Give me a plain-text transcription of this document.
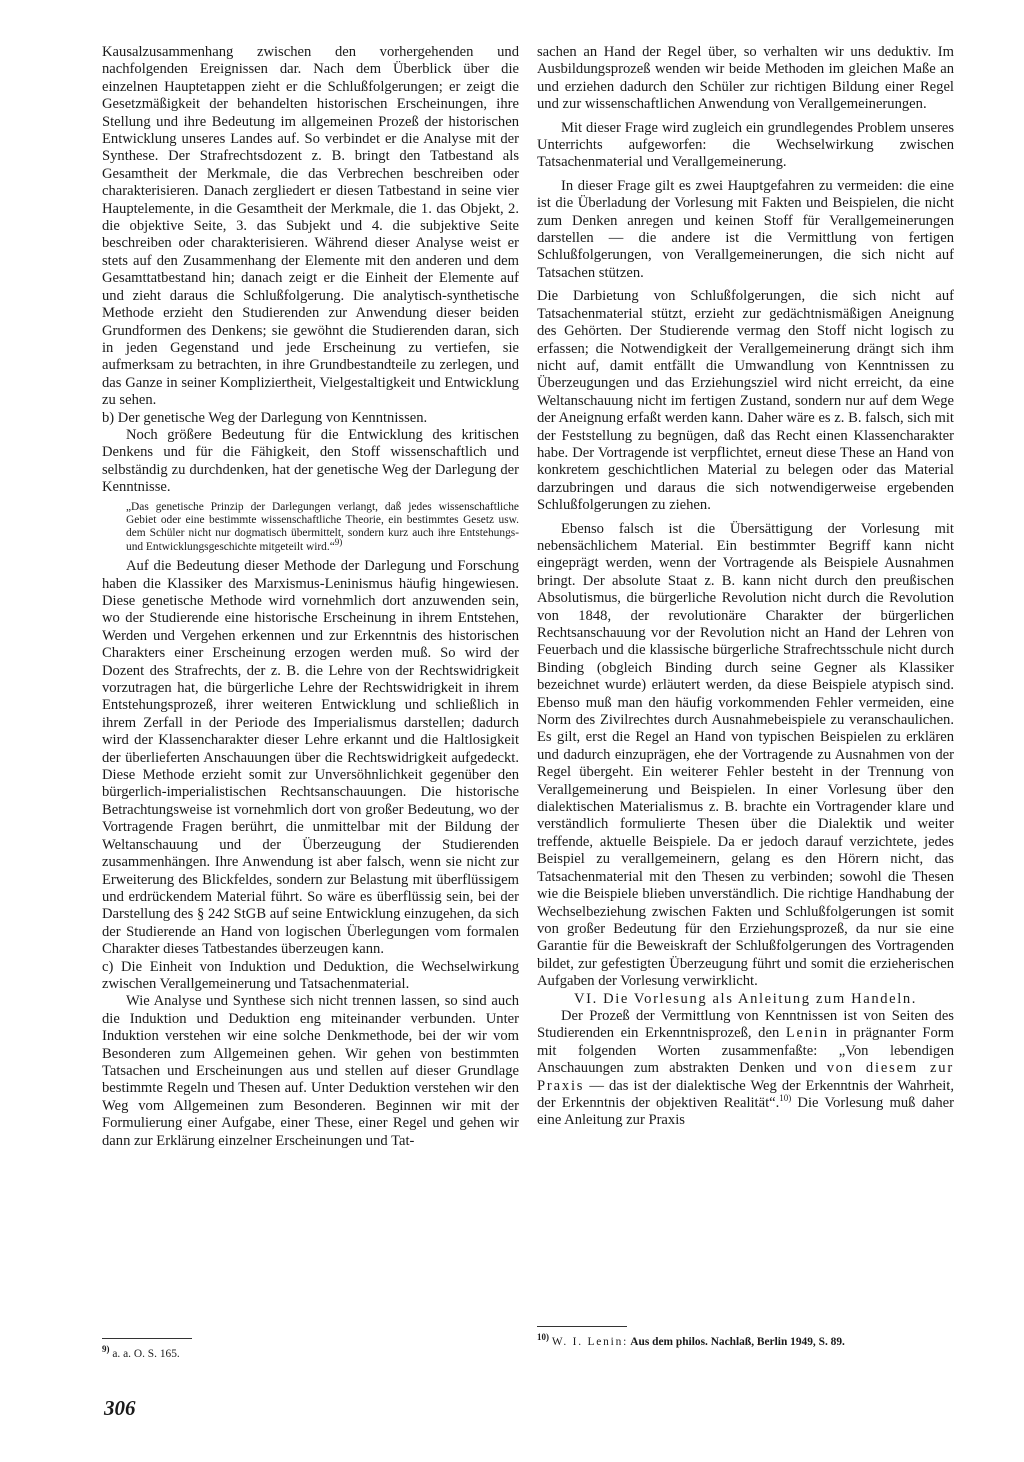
Kausalzusammenhang zwischen den vorhergehenden und nachfolgenden Ereignissen dar. Nach dem Überblick über die einzelnen Hauptetappen zieht er die Schlußfolgerungen; er zeigt die Gesetzmäßigkeit der behandelten historischen Erscheinungen, ihre Stellung und ihre Bedeutung im allgemeinen Prozeß der historischen Entwicklung unseres Landes auf. So verbindet er die Analyse mit der Synthese. Der Strafrechtsdozent z. B. bringt den Tatbestand als Gesamtheit der Merkmale, die das Verbrechen beschreiben oder charakterisieren. Danach zergliedert er diesen Tatbestand in seine vier Hauptelemente, in die Gesamtheit der Merkmale, die 1. das Objekt, 2. die objektive Seite, 3. das Subjekt und 4. die subjektive Seite beschreiben oder charakterisieren. Während dieser Analyse weist er stets auf den Zusammenhang der Elemente mit den anderen und dem Gesamttatbestand hin; danach zeigt er die Einheit der Elemente auf und zieht daraus die Schlußfolgerung. Die analytisch-synthetische Methode erzieht den Studierenden zur Anwendung dieser beiden Grundformen des Denkens; sie gewöhnt die Studierenden daran, sich in jeden Gegenstand und jede Erscheinung zu vertiefen, sie aufmerksam zu betrachten, in ihre Grundbestandteile zu zerlegen, und das Ganze in seiner Kompliziertheit, Vielgestaltigkeit und Entwicklung zu sehen.

b) Der genetische Weg der Darlegung von Kenntnissen.

Noch größere Bedeutung für die Entwicklung des kritischen Denkens und für die Fähigkeit, den Stoff wissenschaftlich und selbständig zu durchdenken, hat der genetische Weg der Darlegung der Kenntnisse.

„Das genetische Prinzip der Darlegungen verlangt, daß jedes wissenschaftliche Gebiet oder eine bestimmte wissenschaftliche Theorie, ein bestimmtes Gesetz usw. dem Schüler nicht nur dogmatisch übermittelt, sondern kurz auch ihre Entstehungs- und Entwicklungsgeschichte mitgeteilt wird.“$^{9)}$

Auf die Bedeutung dieser Methode der Darlegung und Forschung haben die Klassiker des Marxismus-Leninismus häufig hingewiesen. Diese genetische Methode wird vornehmlich dort anzuwenden sein, wo der Studierende eine historische Erscheinung in ihrem Entstehen, Werden und Vergehen erkennen und zur Erkenntnis des historischen Charakters einer Erscheinung erzogen werden muß. So wird der Dozent des Strafrechts, der z. B. die Lehre von der Rechtswidrigkeit vorzutragen hat, die bürgerliche Lehre der Rechtswidrigkeit in ihrem Entstehungsprozeß, ihrer weiteren Entwicklung und schließlich in ihrem Zerfall in der Periode des Imperialismus darstellen; dadurch wird der Klassencharakter dieser Lehre erkannt und die Haltlosigkeit der überlieferten Anschauungen über die Rechtswidrigkeit aufgedeckt. Diese Methode erzieht somit zur Unversöhnlichkeit gegenüber den bürgerlich-imperialistischen Rechtsanschauungen. Die historische Betrachtungsweise ist vornehmlich dort von großer Bedeutung, wo der Vortragende Fragen berührt, die unmittelbar mit der Bildung der Weltanschauung und der Überzeugung der Studierenden zusammenhängen. Ihre Anwendung ist aber falsch, wenn sie nicht zur Erweiterung des Blickfeldes, sondern zur Belastung mit überflüssigem und erdrückendem Material führt. So wäre es überflüssig sein, bei der Darstellung des § 242 StGB auf seine Entwicklung einzugehen, da sich der Studierende an Hand von logischen Überlegungen vom formalen Charakter dieses Tatbestandes überzeugen kann.

c) Die Einheit von Induktion und Deduktion, die Wechselwirkung zwischen Verallgemeinerung und Tatsachenmaterial.

Wie Analyse und Synthese sich nicht trennen lassen, so sind auch die Induktion und Deduktion eng miteinander verbunden. Unter Induktion verstehen wir eine solche Denkmethode, bei der wir vom Besonderen zum Allgemeinen gehen. Wir gehen von bestimmten Tatsachen und Erscheinungen aus und stellen auf dieser Grundlage bestimmte Regeln und Thesen auf. Unter Deduktion verstehen wir den Weg vom Allgemeinen zum Besonderen. Beginnen wir mit der Formulierung einer Aufgabe, einer These, einer Regel und gehen wir dann zur Erklärung einzelner Erscheinungen und Tat-

sachen an Hand der Regel über, so verhalten wir uns deduktiv. Im Ausbildungsprozeß wenden wir beide Methoden im gleichen Maße an und erziehen dadurch den Schüler zur richtigen Bildung einer Regel und zur wissenschaftlichen Anwendung von Verallgemeinerungen.

Mit dieser Frage wird zugleich ein grundlegendes Problem unseres Unterrichts aufgeworfen: die Wechselwirkung zwischen Tatsachenmaterial und Verallgemeinerung.

In dieser Frage gilt es zwei Hauptgefahren zu vermeiden: die eine ist die Überladung der Vorlesung mit Fakten und Beispielen, die nicht zum Denken anregen und keinen Stoff für Verallgemeinerungen darstellen — die andere ist die Vermittlung von fertigen Schlußfolgerungen, von Verallgemeinerungen, die sich nicht auf Tatsachen stützen.

Die Darbietung von Schlußfolgerungen, die sich nicht auf Tatsachenmaterial stützt, erzieht zur gedächtnismäßigen Aneignung des Gehörten. Der Studierende vermag den Stoff nicht logisch zu erfassen; die Notwendigkeit der Verallgemeinerung drängt sich ihm nicht auf, damit entfällt die Umwandlung von Kenntnissen zu Überzeugungen und das Erziehungsziel wird nicht erreicht, da eine Weltanschauung nicht im fertigen Zustand, sondern nur auf dem Wege der Aneignung erfaßt werden kann. Daher wäre es z. B. falsch, sich mit der Feststellung zu begnügen, daß das Recht einen Klassencharakter habe. Der Vortragende ist verpflichtet, erneut diese These an Hand von konkretem geschichtlichen Material zu belegen oder das Material darzubringen und daraus die sich notwendigerweise ergebenden Schlußfolgerungen zu ziehen.

Ebenso falsch ist die Übersättigung der Vorlesung mit nebensächlichem Material. Ein bestimmter Begriff kann nicht eingeprägt werden, wenn der Vortragende als Beispiele Ausnahmen bringt. Der absolute Staat z. B. kann nicht durch den preußischen Absolutismus, die bürgerliche Revolution nicht durch die Revolution von 1848, der revolutionäre Charakter der bürgerlichen Rechtsanschauung vor der Revolution nicht an Hand der Lehren von Feuerbach und die klassische bürgerliche Strafrechtsschule nicht durch Binding (obgleich Binding durch seine Gegner als Klassiker bezeichnet wurde) erläutert werden, da diese Beispiele atypisch sind. Ebenso muß man den häufig vorkommenden Fehler vermeiden, eine Norm des Zivilrechtes durch Ausnahmebeispiele zu veranschaulichen. Es gilt, erst die Regel an Hand von typischen Beispielen zu erklären und dadurch einzuprägen, ehe der Vortragende zu Ausnahmen von der Regel übergeht. Ein weiterer Fehler besteht in der Trennung von Verallgemeinerung und Beispielen. In einer Vorlesung über den dialektischen Materialismus z. B. brachte ein Vortragender klare und verständlich formulierte Thesen über die Dialektik und weiter treffende, aktuelle Beispiele. Da er jedoch darauf verzichtete, jedes Beispiel zu verallgemeinern, gelang es den Hörern nicht, das Tatsachenmaterial mit den Thesen zu verbinden; sowohl die Thesen wie die Beispiele blieben unverständlich. Die richtige Handhabung der Wechselbeziehung zwischen Fakten und Schlußfolgerungen ist somit von großer Bedeutung für den Erziehungsprozeß, da nur sie eine Garantie für die Beweiskraft der Schlußfolgerungen des Vortragenden bildet, zur gefestigten Überzeugung führt und somit die erzieherischen Aufgaben der Vorlesung verwirklicht.

VI. Die Vorlesung als Anleitung zum Handeln.

Der Prozeß der Vermittlung von Kenntnissen ist von Seiten des Studierenden ein Erkenntnisprozeß, den Lenin in prägnanter Form mit folgenden Worten zusammenfaßte: „Von lebendigen Anschauungen zum abstrakten Denken und von diesem zur Praxis — das ist der dialektische Weg der Erkenntnis der Wahrheit, der Erkenntnis der objektiven Realität“.$^{10)}$ Die Vorlesung muß daher eine Anleitung zur Praxis

$^{9)}$ a. a. O. S. 165.
$^{10)}$ W. I. Lenin: Aus dem philos. Nachlaß, Berlin 1949, S. 89.
306
